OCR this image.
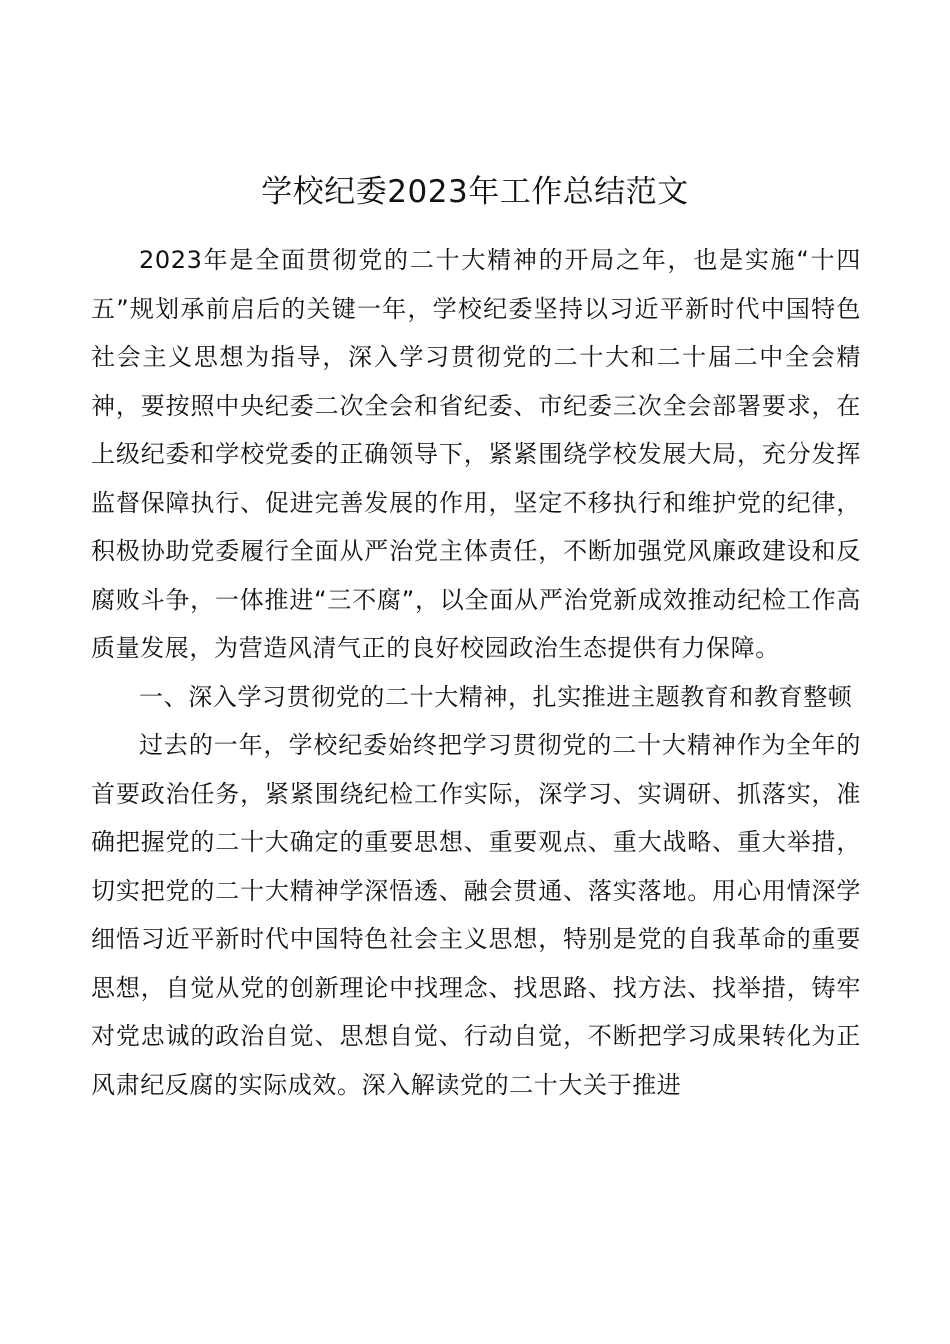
学校纪委2023年工作总结范文

2023年是全面贯彻党的二十大精神的开局之年，也是实施“十四五”规划承前启后的关键一年，学校纪委坚持以习近平新时代中国特色社会主义思想为指导，深入学习贯彻党的二十大和二十届二中全会精神，要按照中央纪委二次全会和省纪委、市纪委三次全会部署要求，在上级纪委和学校党委的正确领导下，紧紧围绕学校发展大局，充分发挥监督保障执行、促进完善发展的作用，坚定不移执行和维护党的纪律，积极协助党委履行全面从严治党主体责任，不断加强党风廉政建设和反腐败斗争，一体推进“三不腐”，以全面从严治党新成效推动纪检工作高质量发展，为营造风清气正的良好校园政治生态提供有力保障。

一、深入学习贯彻党的二十大精神，扎实推进主题教育和教育整顿

过去的一年，学校纪委始终把学习贯彻党的二十大精神作为全年的首要政治任务，紧紧围绕纪检工作实际，深学习、实调研、抓落实，准确把握党的二十大确定的重要思想、重要观点、重大战略、重大举措，切实把党的二十大精神学深悟透、融会贯通、落实落地。用心用情深学细悟习近平新时代中国特色社会主义思想，特别是党的自我革命的重要思想，自觉从党的创新理论中找理念、找思路、找方法、找举措，铸牢对党忠诚的政治自觉、思想自觉、行动自觉，不断把学习成果转化为正风肃纪反腐的实际成效。深入解读党的二十大关于推进
